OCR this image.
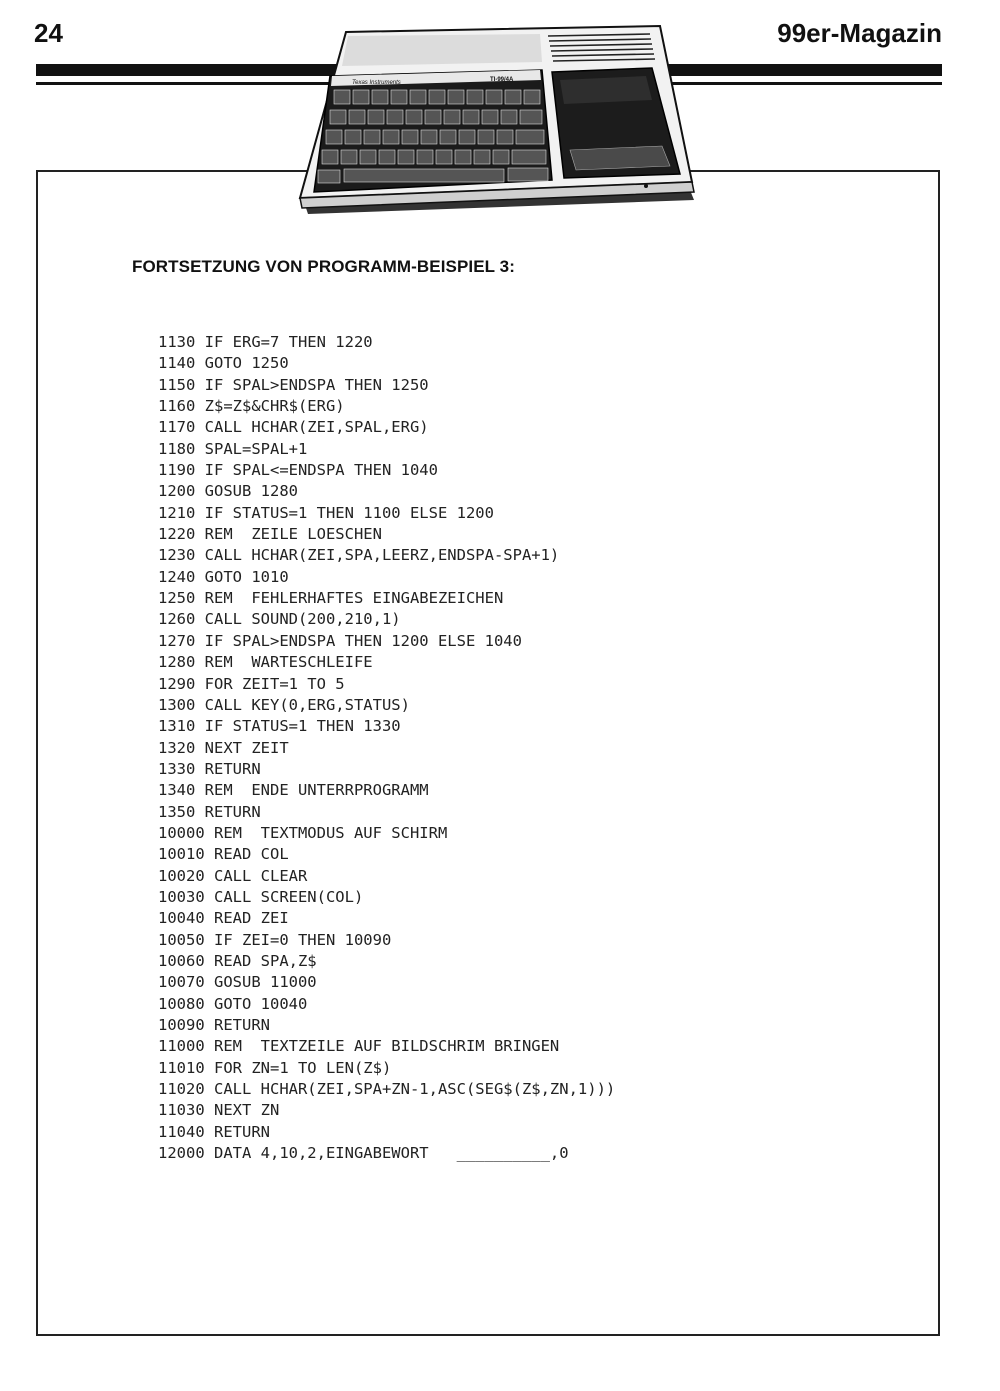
24	99er-Magazin
Texas Instruments	TI-99/4A
FORTSETZUNG VON PROGRAMM-BEISPIEL 3:
1130 IF ERG=7 THEN 1220
1140 GOTO 1250
1150 IF SPAL>ENDSPA THEN 1250
1160 Z$=Z$&CHR$(ERG)
1170 CALL HCHAR(ZEI,SPAL,ERG)
1180 SPAL=SPAL+1
1190 IF SPAL<=ENDSPA THEN 1040
1200 GOSUB 1280
1210 IF STATUS=1 THEN 1100 ELSE 1200
1220 REM  ZEILE LOESCHEN
1230 CALL HCHAR(ZEI,SPA,LEERZ,ENDSPA-SPA+1)
1240 GOTO 1010
1250 REM  FEHLERHAFTES EINGABEZEICHEN
1260 CALL SOUND(200,210,1)
1270 IF SPAL>ENDSPA THEN 1200 ELSE 1040
1280 REM  WARTESCHLEIFE
1290 FOR ZEIT=1 TO 5
1300 CALL KEY(0,ERG,STATUS)
1310 IF STATUS=1 THEN 1330
1320 NEXT ZEIT
1330 RETURN
1340 REM  ENDE UNTERRPROGRAMM
1350 RETURN
10000 REM  TEXTMODUS AUF SCHIRM
10010 READ COL
10020 CALL CLEAR
10030 CALL SCREEN(COL)
10040 READ ZEI
10050 IF ZEI=0 THEN 10090
10060 READ SPA,Z$
10070 GOSUB 11000
10080 GOTO 10040
10090 RETURN
11000 REM  TEXTZEILE AUF BILDSCHRIM BRINGEN
11010 FOR ZN=1 TO LEN(Z$)
11020 CALL HCHAR(ZEI,SPA+ZN-1,ASC(SEG$(Z$,ZN,1)))
11030 NEXT ZN
11040 RETURN
12000 DATA 4,10,2,EINGABEWORT   __________,0
